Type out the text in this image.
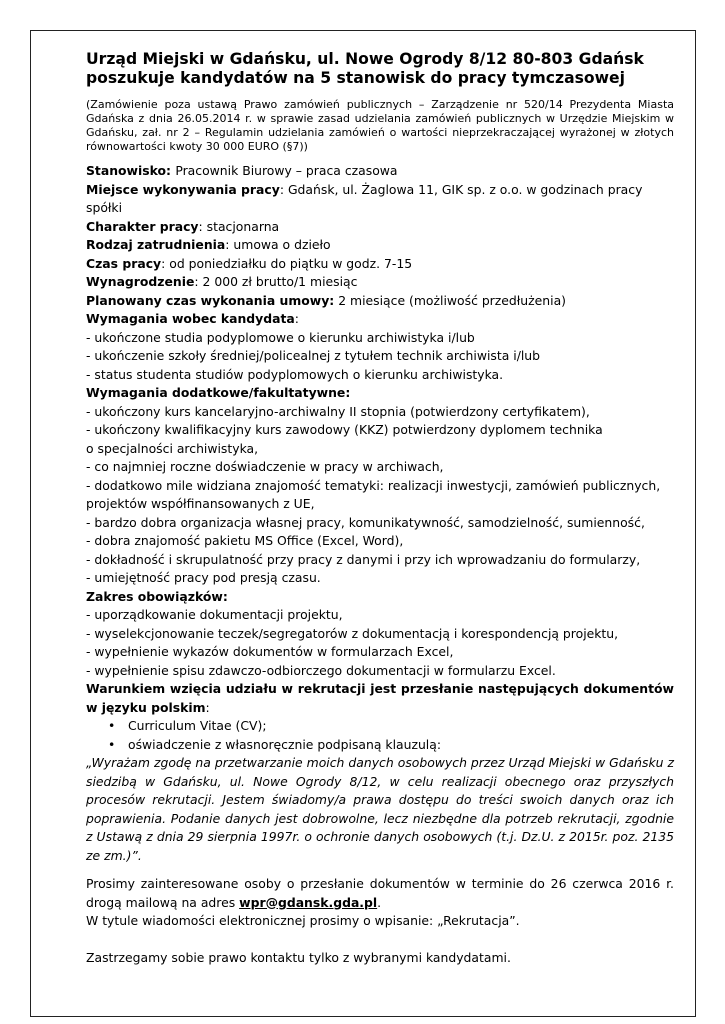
Urząd Miejski w Gdańsku, ul. Nowe Ogrody 8/12 80-803 Gdańsk
poszukuje kandydatów na 5 stanowisk do pracy tymczasowej
(Zamówienie poza ustawą Prawo zamówień publicznych – Zarządzenie nr 520/14 Prezydenta Miasta Gdańska z dnia 26.05.2014 r. w sprawie zasad udzielania zamówień publicznych w Urzędzie Miejskim w Gdańsku, zał. nr 2 – Regulamin udzielania zamówień o wartości nieprzekraczającej wyrażonej w złotych równowartości kwoty 30 000 EURO (§7))

Stanowisko: Pracownik Biurowy – praca czasowa

Miejsce wykonywania pracy: Gdańsk, ul. Żaglowa 11, GIK sp. z o.o. w godzinach pracy spółki

Charakter pracy: stacjonarna

Rodzaj zatrudnienia: umowa o dzieło

Czas pracy: od poniedziałku do piątku w godz. 7-15

Wynagrodzenie: 2 000 zł brutto/1 miesiąc

Planowany czas wykonania umowy: 2 miesiące (możliwość przedłużenia)

Wymagania wobec kandydata:

- ukończone studia podyplomowe o kierunku archiwistyka i/lub

- ukończenie szkoły średniej/policealnej z tytułem technik archiwista i/lub

- status studenta studiów podyplomowych o kierunku archiwistyka.

Wymagania dodatkowe/fakultatywne:

- ukończony kurs kancelaryjno-archiwalny II stopnia (potwierdzony certyfikatem),

- ukończony kwalifikacyjny kurs zawodowy (KKZ) potwierdzony dyplomem technika

o specjalności archiwistyka,

- co najmniej roczne doświadczenie w pracy w archiwach,

- dodatkowo mile widziana znajomość tematyki: realizacji inwestycji, zamówień publicznych,

projektów współfinansowanych z UE,

- bardzo dobra organizacja własnej pracy, komunikatywność, samodzielność, sumienność,

- dobra znajomość pakietu MS Office (Excel, Word),

- dokładność i skrupulatność przy pracy z danymi i przy ich wprowadzaniu do formularzy,

- umiejętność pracy pod presją czasu.

Zakres obowiązków:

- uporządkowanie dokumentacji projektu,

- wyselekcjonowanie teczek/segregatorów z dokumentacją i korespondencją projektu,

- wypełnienie wykazów dokumentów w formularzach Excel,

- wypełnienie spisu zdawczo-odbiorczego dokumentacji w formularzu Excel.

Warunkiem wzięcia udziału w rekrutacji jest przesłanie następujących dokumentów w języku polskim:

• Curriculum Vitae (CV);
• oświadczenie z własnoręcznie podpisaną klauzulą:

„Wyrażam zgodę na przetwarzanie moich danych osobowych przez Urząd Miejski w Gdańsku z siedzibą w Gdańsku, ul. Nowe Ogrody 8/12, w celu realizacji obecnego oraz przyszłych procesów rekrutacji. Jestem świadomy/a prawa dostępu do treści swoich danych oraz ich poprawienia. Podanie danych jest dobrowolne, lecz niezbędne dla potrzeb rekrutacji, zgodnie z Ustawą z dnia 29 sierpnia 1997r. o ochronie danych osobowych (t.j. Dz.U. z 2015r. poz. 2135 ze zm.)”.

Prosimy zainteresowane osoby o przesłanie dokumentów w terminie do 26 czerwca 2016 r. drogą mailową na adres wpr@gdansk.gda.pl.

W tytule wiadomości elektronicznej prosimy o wpisanie: „Rekrutacja”.

Zastrzegamy sobie prawo kontaktu tylko z wybranymi kandydatami.
